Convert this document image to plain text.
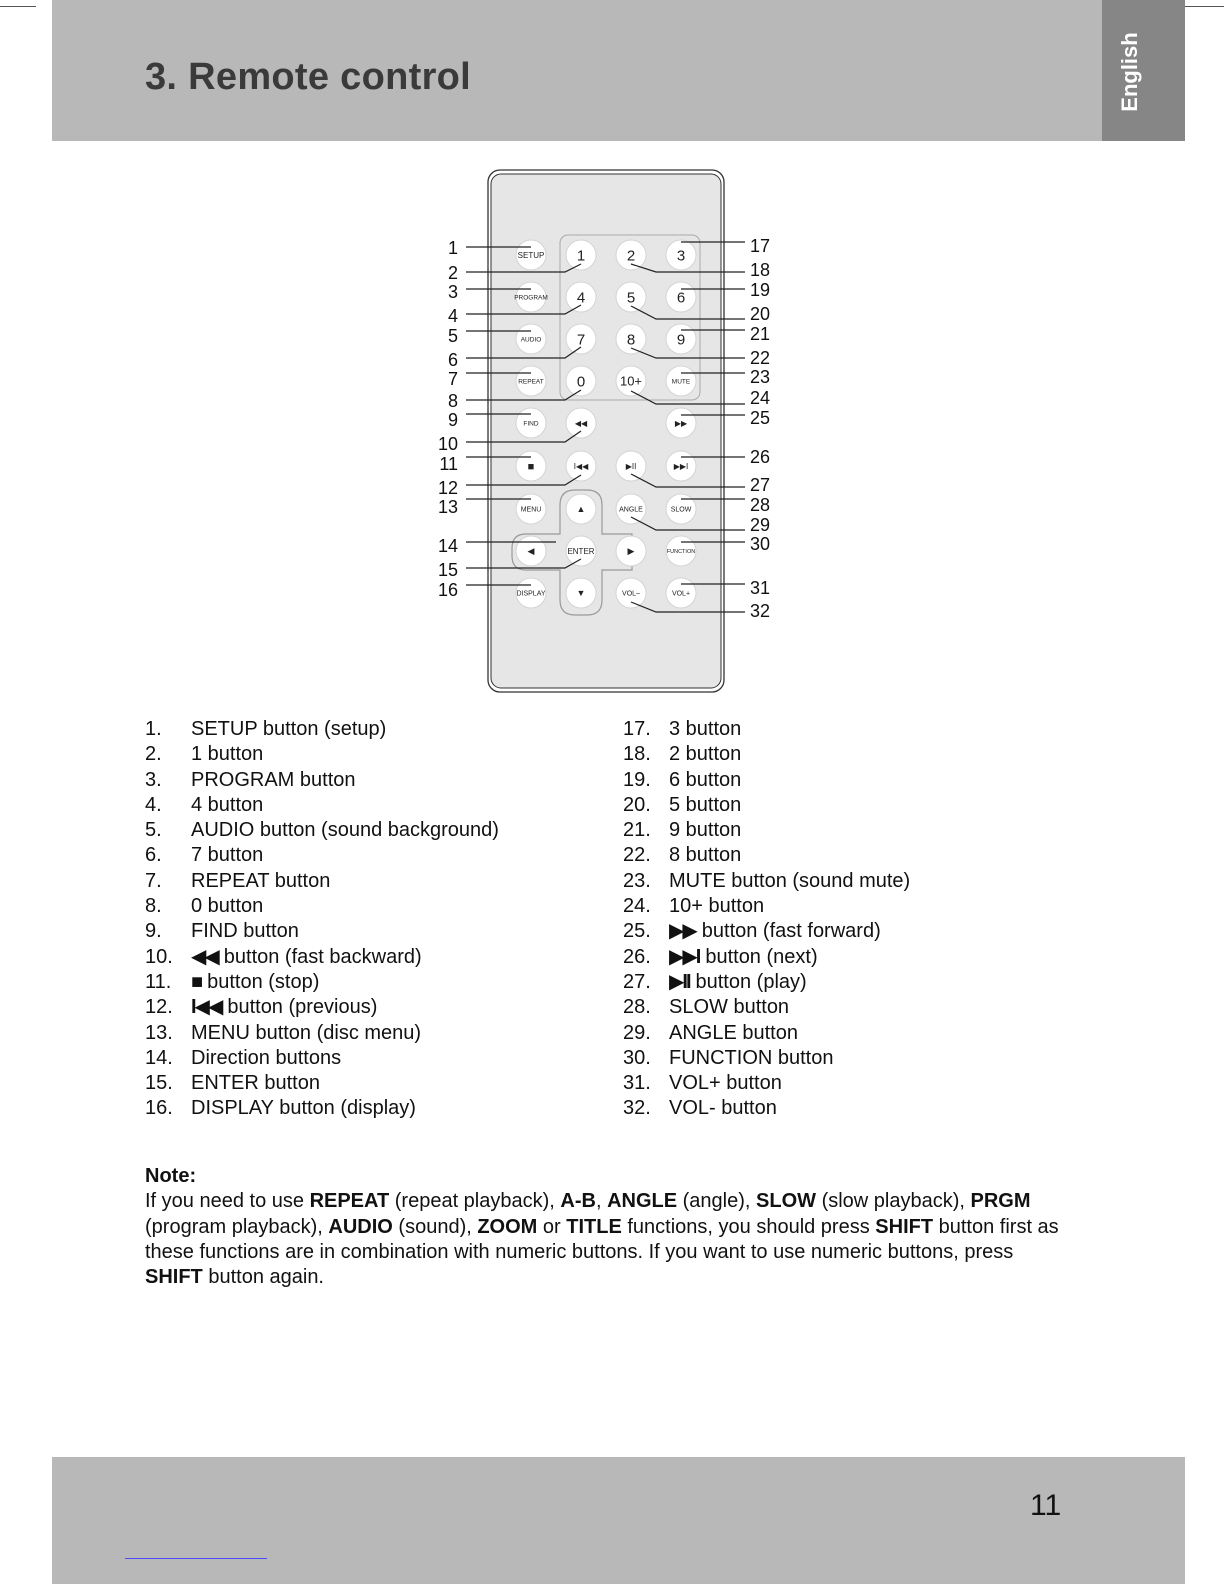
3. Remote control	English
SETUP 1	2	3
PROGRAM 4	5	6
AUDIO 7	8	9
REPEAT 0	10+	MUTE
FIND	◀◀	▶▶
■	I◀◀	▶II	▶▶I
MENU	▲	ANGLE	SLOW
◀	ENTER	▶	FUNCTION
DISPLAY	▼	VOL–	VOL+
1
2
3
4
5
6
7
8
9
10
11
12
13
14
15
16
17
18
19
20
21
22
23
24
25
26
27
28
29
30
31
32
1. SETUP button (setup)
2. 1 button
3. PROGRAM button
4. 4 button
5. AUDIO button (sound background)
6. 7 button
7. REPEAT button
8. 0 button
9. FIND button
10. ◀◀ button (fast backward)
11. ■ button (stop)
12. I◀◀ button (previous)
13. MENU button (disc menu)
14. Direction buttons
15. ENTER button
16. DISPLAY button (display)
17. 3 button
18. 2 button
19. 6 button
20. 5 button
21. 9 button
22. 8 button
23. MUTE button (sound mute)
24. 10+ button
25. ▶▶ button (fast forward)
26. ▶▶I button (next)
27. ▶II button (play)
28. SLOW button
29. ANGLE button
30. FUNCTION button
31. VOL+ button
32. VOL- button
Note:
If you need to use REPEAT (repeat playback), A-B, ANGLE (angle), SLOW (slow playback), PRGM (program playback), AUDIO (sound), ZOOM or TITLE functions, you should press SHIFT button first as these functions are in combination with numeric buttons. If you want to use numeric buttons, press SHIFT button again.
11
